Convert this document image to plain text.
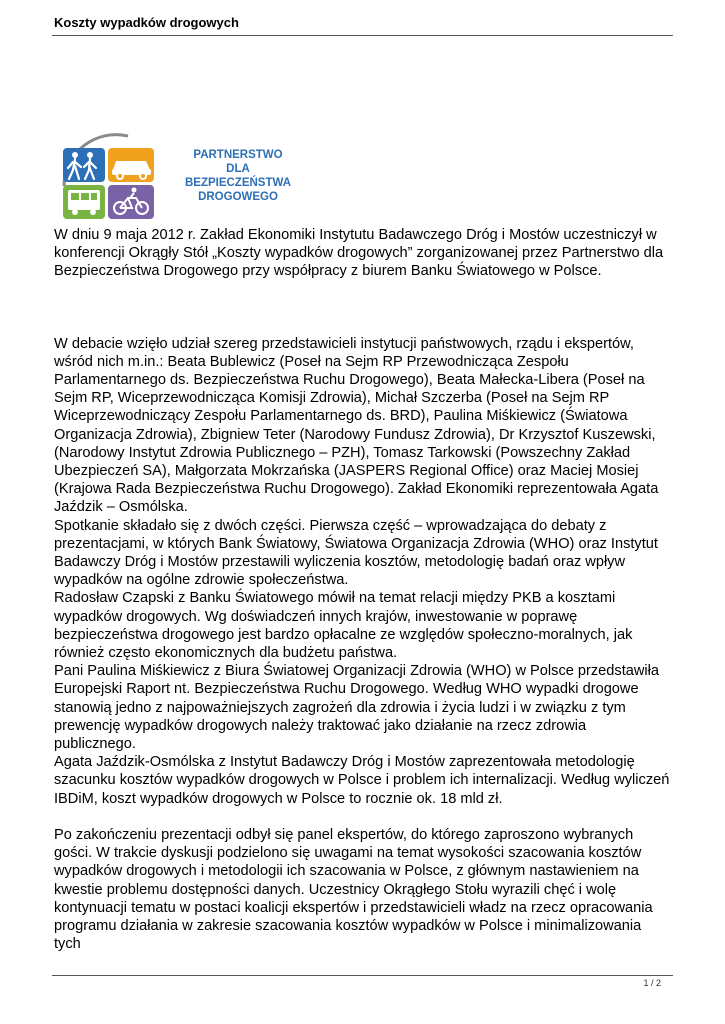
Koszty wypadków drogowych
PARTNERSTWO
DLA
BEZPIECZEŃSTWA
DROGOWEGO

W dniu 9 maja 2012 r. Zakład Ekonomiki Instytutu Badawczego Dróg i Mostów uczestniczył w konferencji Okrągły Stół „Koszty wypadków drogowych” zorganizowanej przez Partnerstwo dla Bezpieczeństwa Drogowego przy współpracy z biurem Banku Światowego w Polsce.

W debacie wzięło udział szereg przedstawicieli instytucji państwowych, rządu i ekspertów, wśród nich m.in.: Beata Bublewicz (Poseł na Sejm RP Przewodnicząca Zespołu Parlamentarnego ds. Bezpieczeństwa Ruchu Drogowego), Beata Małecka-Libera (Poseł na Sejm RP, Wiceprzewodnicząca Komisji Zdrowia), Michał Szczerba (Poseł na Sejm RP Wiceprzewodniczący Zespołu Parlamentarnego ds. BRD), Paulina Miśkiewicz (Światowa Organizacja Zdrowia), Zbigniew Teter (Narodowy Fundusz Zdrowia), Dr Krzysztof Kuszewski, (Narodowy Instytut Zdrowia Publicznego – PZH), Tomasz Tarkowski (Powszechny Zakład Ubezpieczeń SA), Małgorzata Mokrzańska (JASPERS Regional Office) oraz Maciej Mosiej (Krajowa Rada Bezpieczeństwa Ruchu Drogowego). Zakład Ekonomiki reprezentowała Agata Jaździk – Osmólska.

Spotkanie składało się z dwóch części. Pierwsza część – wprowadzająca do debaty z prezentacjami, w których Bank Światowy, Światowa Organizacja Zdrowia (WHO) oraz Instytut Badawczy Dróg i Mostów przestawili wyliczenia kosztów, metodologię badań oraz wpływ wypadków na ogólne zdrowie społeczeństwa.

Radosław Czapski z Banku Światowego mówił na temat relacji między PKB a kosztami wypadków drogowych. Wg doświadczeń innych krajów, inwestowanie w poprawę bezpieczeństwa drogowego jest bardzo opłacalne ze względów społeczno-moralnych, jak również często ekonomicznych dla budżetu państwa.

Pani Paulina Miśkiewicz z Biura Światowej Organizacji Zdrowia (WHO) w Polsce przedstawiła Europejski Raport nt. Bezpieczeństwa Ruchu Drogowego. Według WHO wypadki drogowe stanowią jedno z najpoważniejszych zagrożeń dla zdrowia i życia ludzi i w związku z tym prewencję wypadków drogowych należy traktować jako działanie na rzecz zdrowia publicznego.

Agata Jaździk-Osmólska z Instytut Badawczy Dróg i Mostów zaprezentowała metodologię szacunku kosztów wypadków drogowych w Polsce i problem ich internalizacji. Według wyliczeń IBDiM, koszt wypadków drogowych w Polsce to rocznie ok. 18 mld zł.

Po zakończeniu prezentacji odbył się panel ekspertów, do którego zaproszono wybranych gości. W trakcie dyskusji podzielono się uwagami na temat wysokości szacowania kosztów wypadków drogowych i metodologii ich szacowania w Polsce, z głównym nastawieniem na kwestie problemu dostępności danych. Uczestnicy Okrągłego Stołu wyrazili chęć i wolę kontynuacji tematu w postaci koalicji ekspertów i przedstawicieli władz na rzecz opracowania programu działania w zakresie szacowania kosztów wypadków w Polsce i minimalizowania tych

1 / 2
